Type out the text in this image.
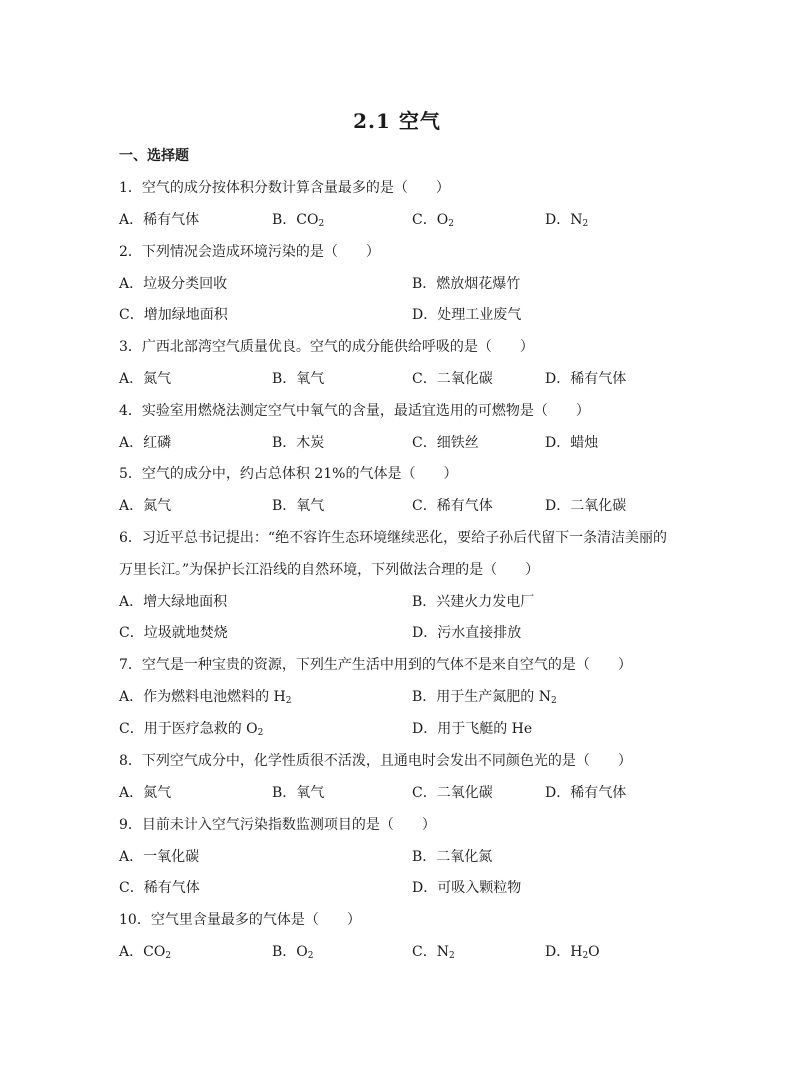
2.1 空气
一、选择题
1．空气的成分按体积分数计算含量最多的是（　　）
A．稀有气体	B．$CO_2$	C．$O_2$	D．$N_2$
2．下列情况会造成环境污染的是（　　）
A．垃圾分类回收	B．燃放烟花爆竹
C．增加绿地面积	D．处理工业废气
3．广西北部湾空气质量优良。空气的成分能供给呼吸的是（　　）
A．氮气	B．氧气	C．二氧化碳	D．稀有气体
4．实验室用燃烧法测定空气中氧气的含量，最适宜选用的可燃物是（　　）
A．红磷	B．木炭	C．细铁丝	D．蜡烛
5．空气的成分中，约占总体积 21%的气体是（　　）
A．氮气	B．氧气	C．稀有气体	D．二氧化碳
6．习近平总书记提出：“绝不容许生态环境继续恶化，要给子孙后代留下一条清洁美丽的
万里长江。”为保护长江沿线的自然环境，下列做法合理的是（　　）
A．增大绿地面积	B．兴建火力发电厂
C．垃圾就地焚烧	D．污水直接排放
7．空气是一种宝贵的资源，下列生产生活中用到的气体不是来自空气的是（　　）
A．作为燃料电池燃料的 $H_2$	B．用于生产氮肥的 $N_2$
C．用于医疗急救的 $O_2$	D．用于飞艇的 He
8．下列空气成分中，化学性质很不活泼，且通电时会发出不同颜色光的是（　　）
A．氮气	B．氧气	C．二氧化碳	D．稀有气体
9．目前未计入空气污染指数监测项目的是（　　）
A．一氧化碳	B．二氧化氮
C．稀有气体	D．可吸入颗粒物
10．空气里含量最多的气体是（　　）
A．$CO_2$	B．$O_2$	C．$N_2$	D．$H_2O$
